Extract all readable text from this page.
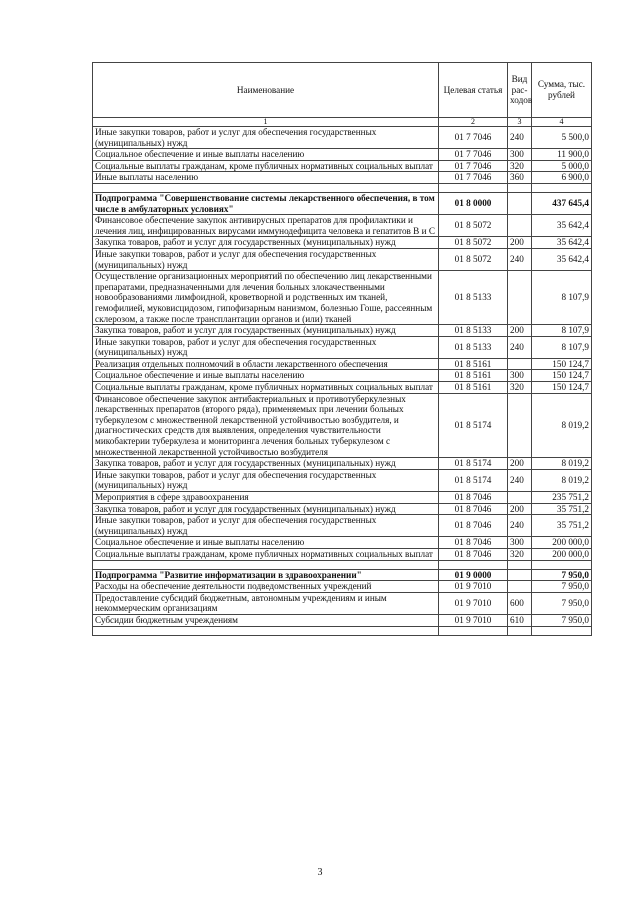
Наименование	Целевая статья	Вид рас-ходов	Сумма, тыс. рублей
1	2	3	4
Иные закупки товаров, работ и услуг для обеспечения государственных (муниципальных) нужд	01 7 7046	240	5 500,0
Социальное обеспечение и иные выплаты населению	01 7 7046	300	11 900,0
Социальные выплаты гражданам, кроме публичных нормативных социальных выплат	01 7 7046	320	5 000,0
Иные выплаты населению	01 7 7046	360	6 900,0

Подпрограмма "Совершенствование системы лекарственного обеспечения, в том числе в амбулаторных условиях"	01 8 0000		437 645,4
Финансовое обеспечение закупок антивирусных препаратов для профилактики и лечения лиц, инфицированных вирусами иммунодефицита человека и гепатитов B и C	01 8 5072		35 642,4
Закупка товаров, работ и услуг для государственных (муниципальных) нужд	01 8 5072	200	35 642,4
Иные закупки товаров, работ и услуг для обеспечения государственных (муниципальных) нужд	01 8 5072	240	35 642,4
Осуществление организационных мероприятий по обеспечению лиц лекарственными препаратами, предназначенными для лечения больных злокачественными новообразованиями лимфоидной, кроветворной и родственных им тканей, гемофилией, муковисцидозом, гипофизарным нанизмом, болезнью Гоше, рассеянным склерозом, а также после трансплантации органов и (или) тканей	01 8 5133		8 107,9
Закупка товаров, работ и услуг для государственных (муниципальных) нужд	01 8 5133	200	8 107,9
Иные закупки товаров, работ и услуг для обеспечения государственных (муниципальных) нужд	01 8 5133	240	8 107,9
Реализация отдельных полномочий в области лекарственного обеспечения	01 8 5161		150 124,7
Социальное обеспечение и иные выплаты населению	01 8 5161	300	150 124,7
Социальные выплаты гражданам, кроме публичных нормативных социальных выплат	01 8 5161	320	150 124,7
Финансовое обеспечение закупок антибактериальных и противотуберкулезных лекарственных препаратов (второго ряда), применяемых при лечении больных туберкулезом с множественной лекарственной устойчивостью возбудителя, и диагностических средств для выявления, определения чувствительности микобактерии туберкулеза и мониторинга лечения больных туберкулезом с множественной лекарственной устойчивостью возбудителя	01 8 5174		8 019,2
Закупка товаров, работ и услуг для государственных (муниципальных) нужд	01 8 5174	200	8 019,2
Иные закупки товаров, работ и услуг для обеспечения государственных (муниципальных) нужд	01 8 5174	240	8 019,2
Мероприятия в сфере здравоохранения	01 8 7046		235 751,2
Закупка товаров, работ и услуг для государственных (муниципальных) нужд	01 8 7046	200	35 751,2
Иные закупки товаров, работ и услуг для обеспечения государственных (муниципальных) нужд	01 8 7046	240	35 751,2
Социальное обеспечение и иные выплаты населению	01 8 7046	300	200 000,0
Социальные выплаты гражданам, кроме публичных нормативных социальных выплат	01 8 7046	320	200 000,0

Подпрограмма "Развитие информатизации в здравоохранении"	01 9 0000		7 950,0
Расходы на обеспечение деятельности подведомственных учреждений	01 9 7010		7 950,0
Предоставление субсидий бюджетным, автономным учреждениям и иным некоммерческим организациям	01 9 7010	600	7 950,0
Субсидии бюджетным учреждениям	01 9 7010	610	7 950,0

3
